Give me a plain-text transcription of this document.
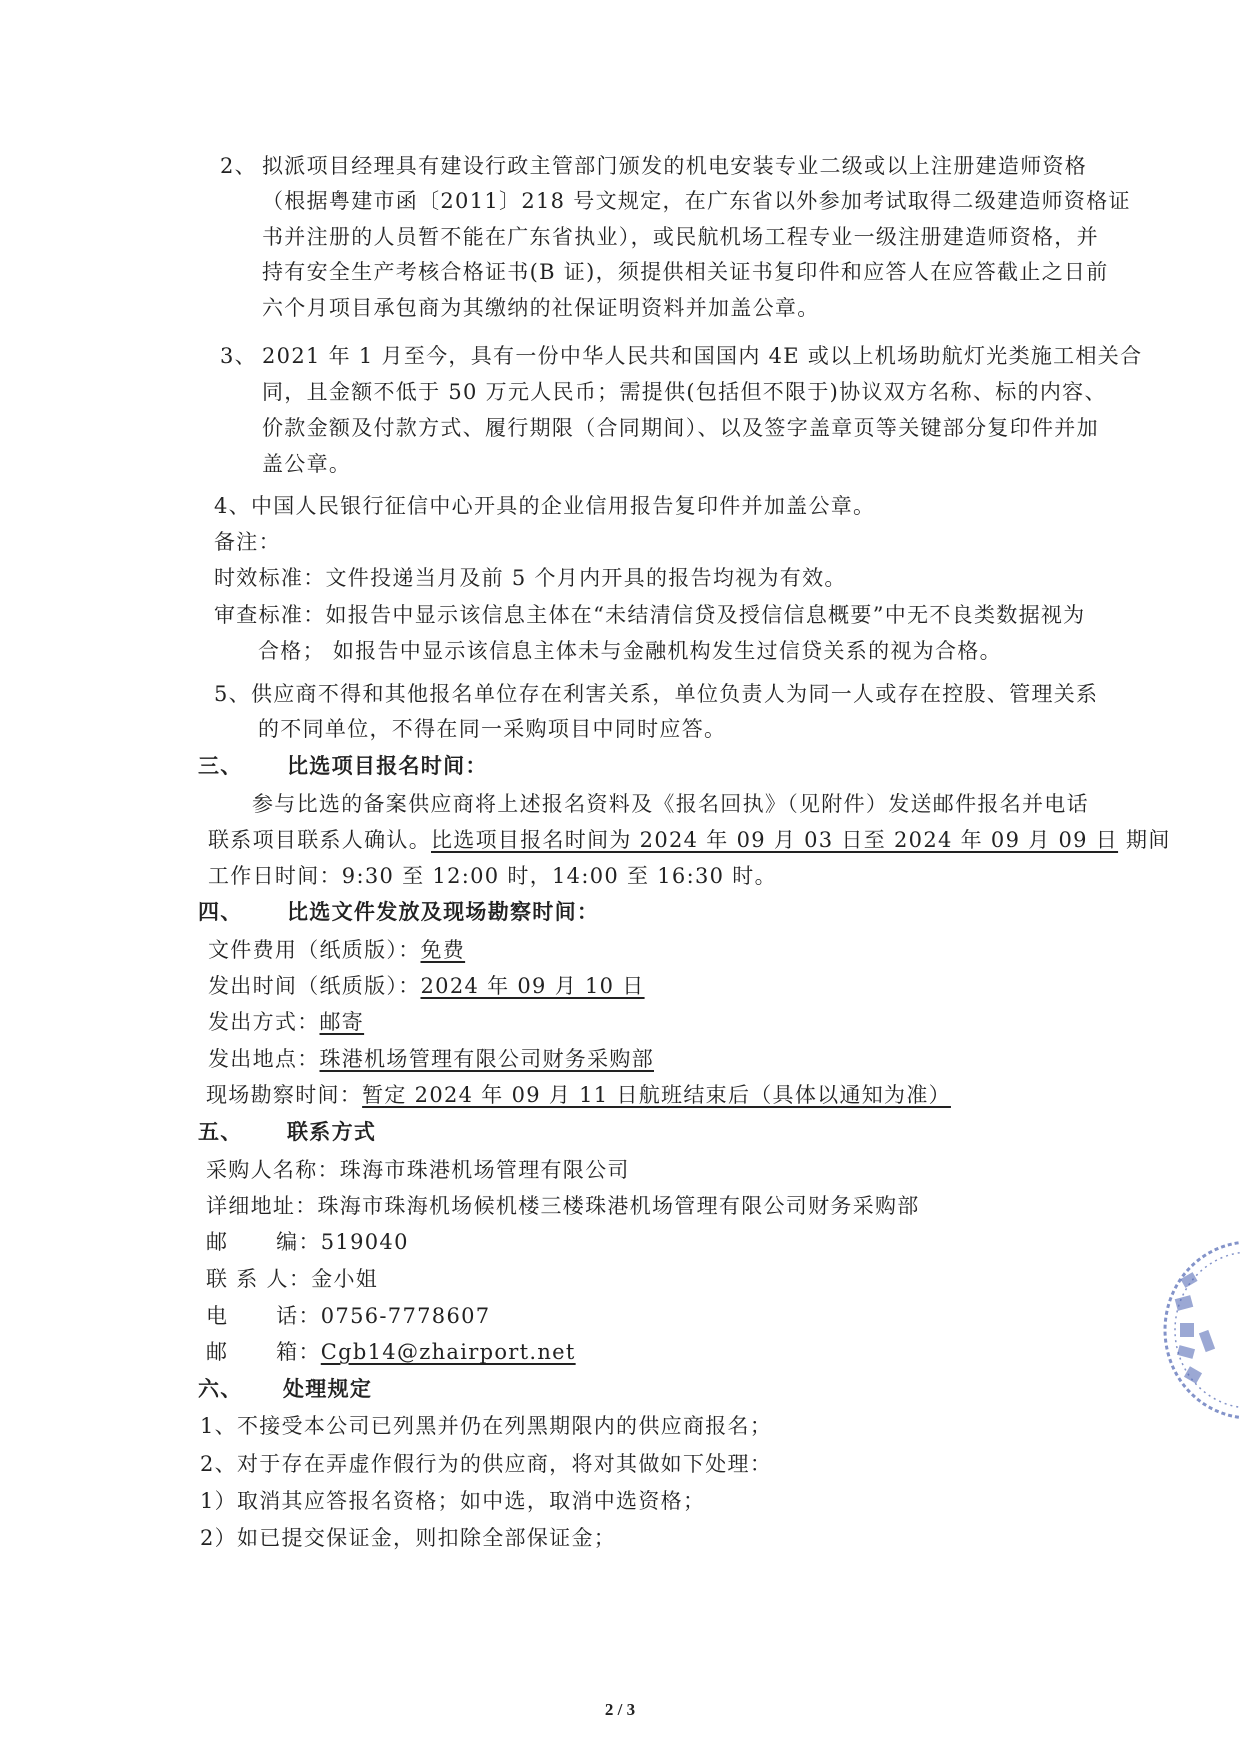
2、 拟派项目经理具有建设行政主管部门颁发的机电安装专业二级或以上注册建造师资格
（根据粤建市函〔2011〕218 号文规定，在广东省以外参加考试取得二级建造师资格证
书并注册的人员暂不能在广东省执业），或民航机场工程专业一级注册建造师资格，并
持有安全生产考核合格证书(B 证)，须提供相关证书复印件和应答人在应答截止之日前
六个月项目承包商为其缴纳的社保证明资料并加盖公章。
3、 2021 年 1 月至今，具有一份中华人民共和国国内 4E 或以上机场助航灯光类施工相关合
同，且金额不低于 50 万元人民币；需提供(包括但不限于)协议双方名称、标的内容、
价款金额及付款方式、履行期限（合同期间）、以及签字盖章页等关键部分复印件并加
盖公章。
4、中国人民银行征信中心开具的企业信用报告复印件并加盖公章。
备注：
时效标准：文件投递当月及前 5 个月内开具的报告均视为有效。
审查标准：如报告中显示该信息主体在“未结清信贷及授信信息概要”中无不良类数据视为
合格； 如报告中显示该信息主体未与金融机构发生过信贷关系的视为合格。
5、供应商不得和其他报名单位存在利害关系，单位负责人为同一人或存在控股、管理关系
的不同单位，不得在同一采购项目中同时应答。
三、 比选项目报名时间：
参与比选的备案供应商将上述报名资料及《报名回执》（见附件）发送邮件报名并电话
联系项目联系人确认。比选项目报名时间为 2024 年 09 月 03 日至 2024 年 09 月 09 日 期间
工作日时间：9:30 至 12:00 时，14:00 至 16:30 时。
四、 比选文件发放及现场勘察时间：
文件费用（纸质版）：免费
发出时间（纸质版）：2024 年 09 月 10 日
发出方式：邮寄
发出地点：珠港机场管理有限公司财务采购部
现场勘察时间：暂定 2024 年 09 月 11 日航班结束后（具体以通知为准）
五、 联系方式
采购人名称：珠海市珠港机场管理有限公司
详细地址：珠海市珠海机场候机楼三楼珠港机场管理有限公司财务采购部
邮      编：519040
联 系 人：金小姐
电      话：0756-7778607
邮      箱：Cgb14@zhairport.net
六、 处理规定
1、不接受本公司已列黑并仍在列黑期限内的供应商报名；
2、对于存在弄虚作假行为的供应商，将对其做如下处理：
1）取消其应答报名资格；如中选，取消中选资格；
2）如已提交保证金，则扣除全部保证金；
2 / 3
